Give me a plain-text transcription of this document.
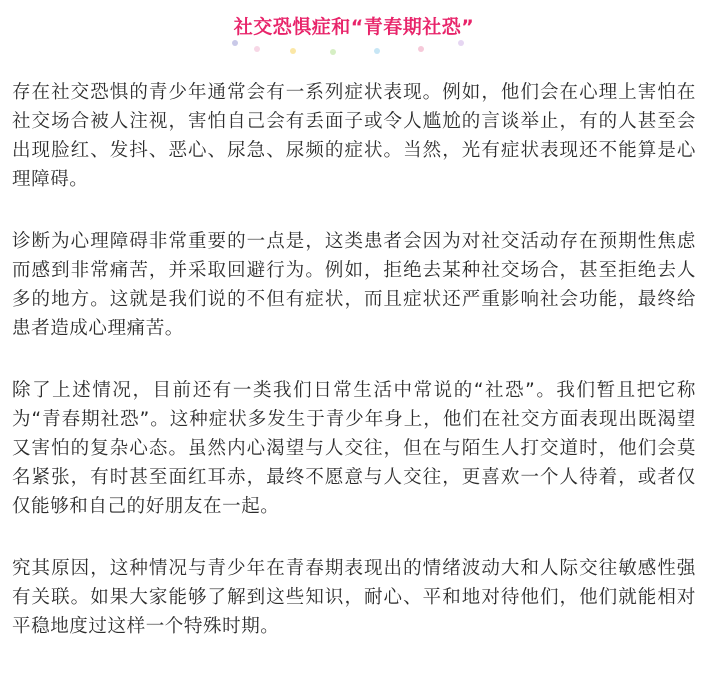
社交恐惧症和“青春期社恐”

存在社交恐惧的青少年通常会有一系列症状表现。例如，他们会在心理上害怕在社交场合被人注视，害怕自己会有丢面子或令人尴尬的言谈举止，有的人甚至会出现脸红、发抖、恶心、尿急、尿频的症状。当然，光有症状表现还不能算是心理障碍。

诊断为心理障碍非常重要的一点是，这类患者会因为对社交活动存在预期性焦虑而感到非常痛苦，并采取回避行为。例如，拒绝去某种社交场合，甚至拒绝去人多的地方。这就是我们说的不但有症状，而且症状还严重影响社会功能，最终给患者造成心理痛苦。

除了上述情况，目前还有一类我们日常生活中常说的“社恐”。我们暂且把它称为“青春期社恐”。这种症状多发生于青少年身上，他们在社交方面表现出既渴望又害怕的复杂心态。虽然内心渴望与人交往，但在与陌生人打交道时，他们会莫名紧张，有时甚至面红耳赤，最终不愿意与人交往，更喜欢一个人待着，或者仅仅能够和自己的好朋友在一起。

究其原因，这种情况与青少年在青春期表现出的情绪波动大和人际交往敏感性强有关联。如果大家能够了解到这些知识，耐心、平和地对待他们，他们就能相对平稳地度过这样一个特殊时期。
